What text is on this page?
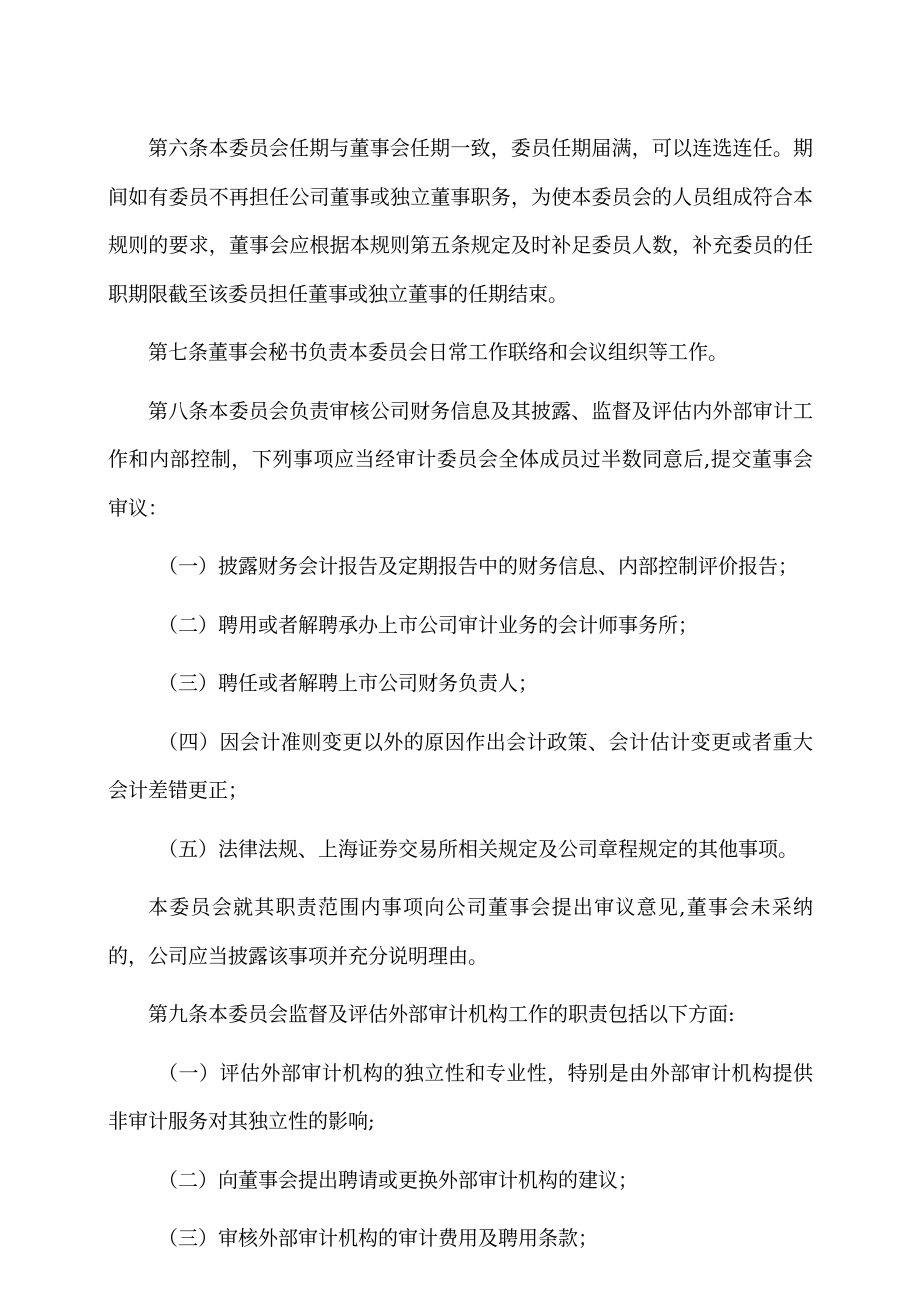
第六条本委员会任期与董事会任期一致，委员任期届满，可以连选连任。期间如有委员不再担任公司董事或独立董事职务，为使本委员会的人员组成符合本规则的要求，董事会应根据本规则第五条规定及时补足委员人数，补充委员的任职期限截至该委员担任董事或独立董事的任期结束。

第七条董事会秘书负责本委员会日常工作联络和会议组织等工作。

第八条本委员会负责审核公司财务信息及其披露、监督及评估内外部审计工作和内部控制，下列事项应当经审计委员会全体成员过半数同意后,提交董事会审议：

（一）披露财务会计报告及定期报告中的财务信息、内部控制评价报告；

（二）聘用或者解聘承办上市公司审计业务的会计师事务所；

（三）聘任或者解聘上市公司财务负责人；

（四）因会计准则变更以外的原因作出会计政策、会计估计变更或者重大会计差错更正；

（五）法律法规、上海证券交易所相关规定及公司章程规定的其他事项。

本委员会就其职责范围内事项向公司董事会提出审议意见,董事会未采纳的，公司应当披露该事项并充分说明理由。

第九条本委员会监督及评估外部审计机构工作的职责包括以下方面:

（一）评估外部审计机构的独立性和专业性，特别是由外部审计机构提供非审计服务对其独立性的影响;

（二）向董事会提出聘请或更换外部审计机构的建议；

（三）审核外部审计机构的审计费用及聘用条款；
